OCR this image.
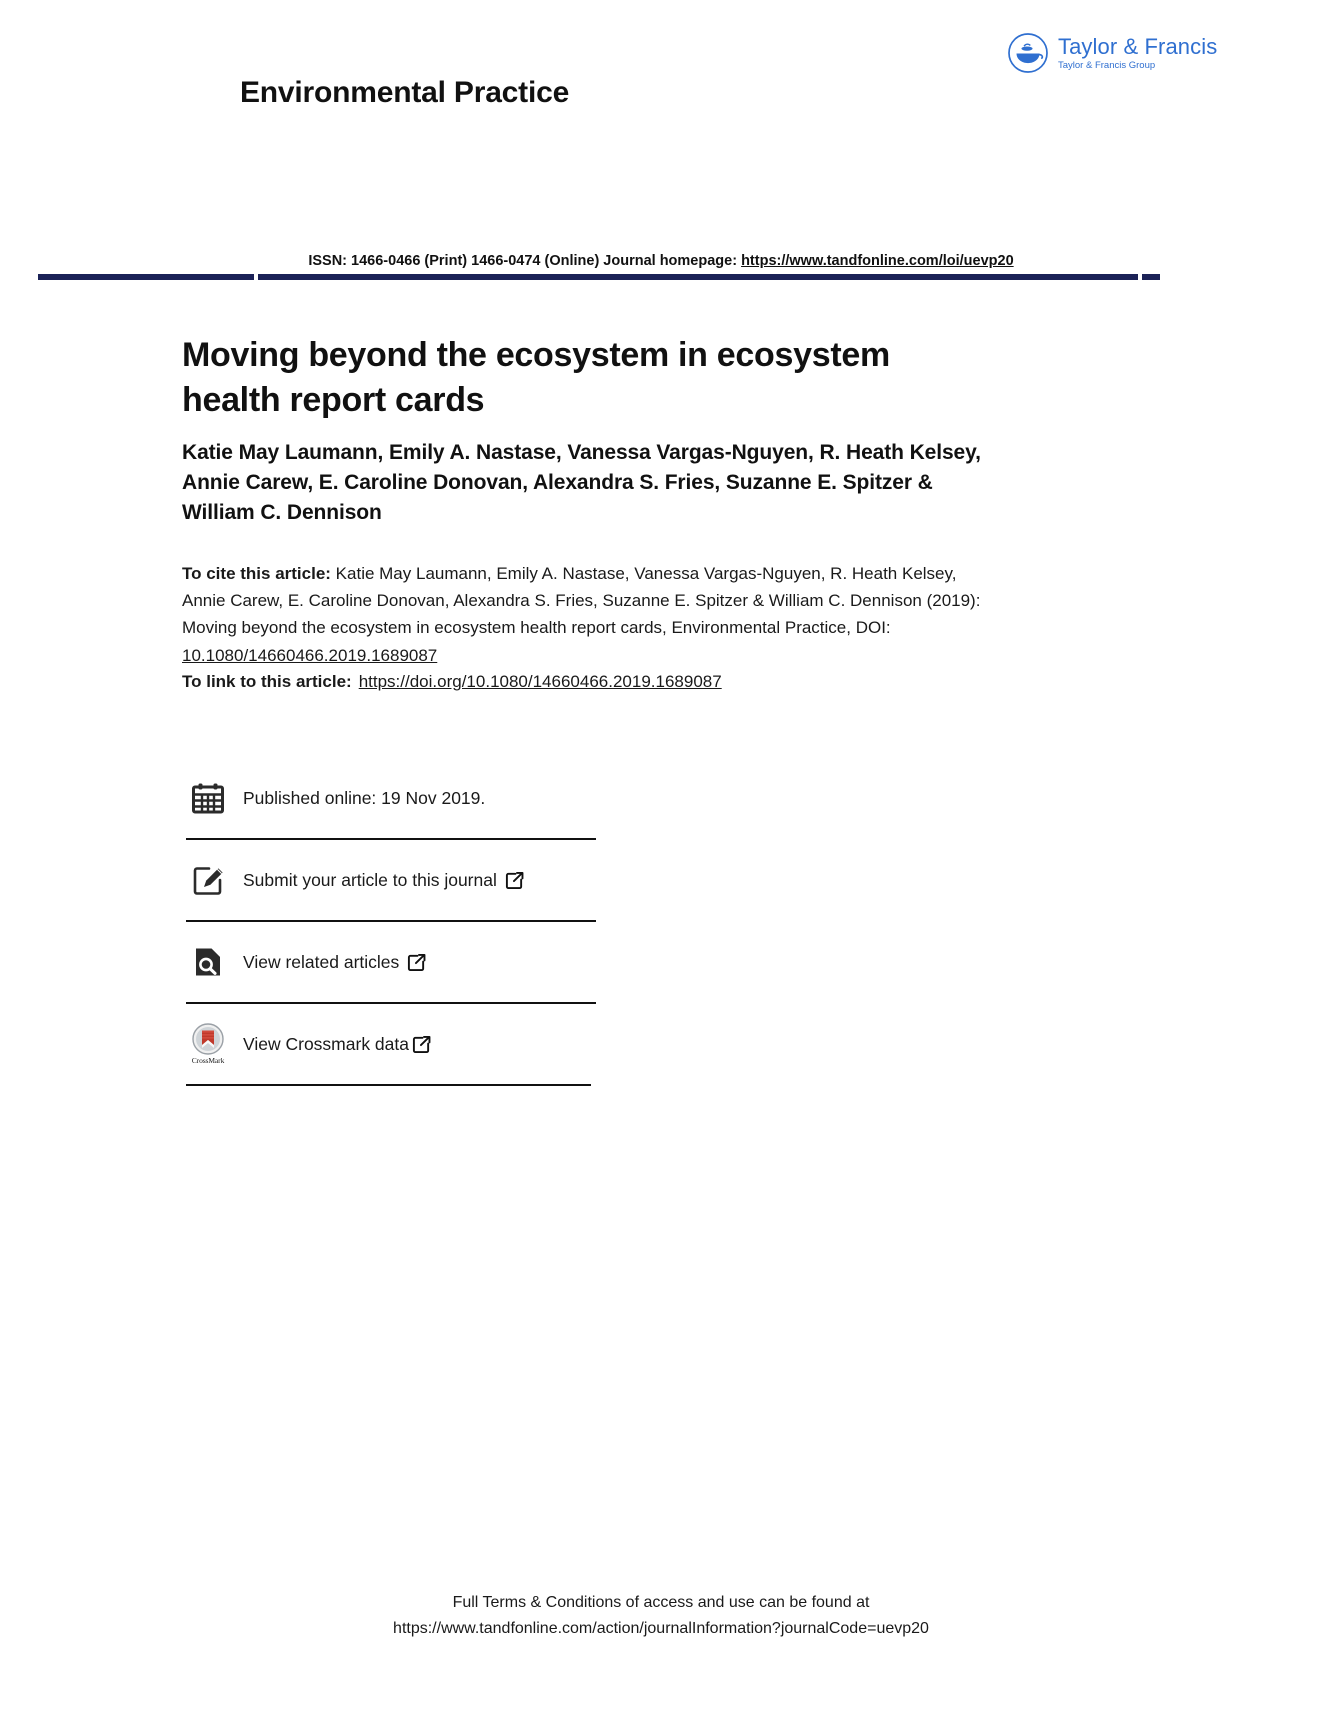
Taylor & Francis
Taylor & Francis Group
Environmental Practice
ISSN: 1466-0466 (Print) 1466-0474 (Online) Journal homepage: https://www.tandfonline.com/loi/uevp20
Moving beyond the ecosystem in ecosystem health report cards
Katie May Laumann, Emily A. Nastase, Vanessa Vargas-Nguyen, R. Heath Kelsey, Annie Carew, E. Caroline Donovan, Alexandra S. Fries, Suzanne E. Spitzer & William C. Dennison
To cite this article: Katie May Laumann, Emily A. Nastase, Vanessa Vargas-Nguyen, R. Heath Kelsey, Annie Carew, E. Caroline Donovan, Alexandra S. Fries, Suzanne E. Spitzer & William C. Dennison (2019): Moving beyond the ecosystem in ecosystem health report cards, Environmental Practice, DOI: 10.1080/14660466.2019.1689087
To link to this article: https://doi.org/10.1080/14660466.2019.1689087
Published online: 19 Nov 2019.
Submit your article to this journal
View related articles
CrossMark
View Crossmark data
Full Terms & Conditions of access and use can be found at
https://www.tandfonline.com/action/journalInformation?journalCode=uevp20
